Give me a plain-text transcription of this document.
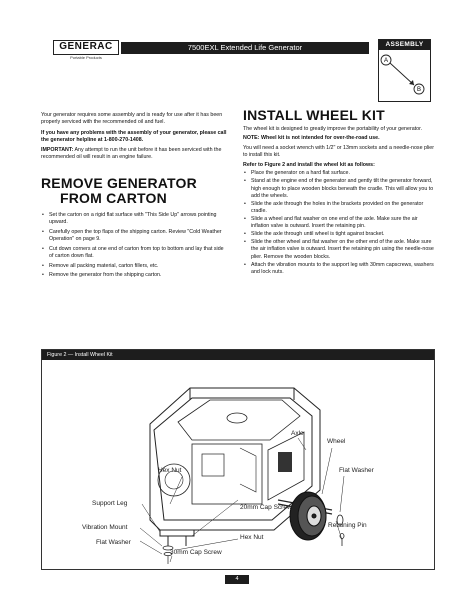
GENERAC
Portable Products
7500EXL Extended Life Generator	ASSEMBLY
A
B

Your generator requires some assembly and is ready for use after it has been properly serviced with the recommended oil and fuel.

If you have any problems with the assembly of your generator, please call the generator helpline at 1-800-270-1408.

IMPORTANT: Any attempt to run the unit before it has been serviced with the recommended oil will result in an engine failure.

REMOVE GENERATOR
FROM CARTON
• Set the carton on a rigid flat surface with "This Side Up" arrows pointing upward.
• Carefully open the top flaps of the shipping carton. Review "Cold Weather Operation" on page 9.
• Cut down corners at one end of carton from top to bottom and lay that side of carton down flat.
• Remove all packing material, carton fillers, etc.
• Remove the generator from the shipping carton.
INSTALL WHEEL KIT

The wheel kit is designed to greatly improve the portability of your generator.

NOTE: Wheel kit is not intended for over-the-road use.

You will need a socket wrench with 1/2" or 13mm sockets and a needle-nose plier to install this kit.

Refer to Figure 2 and install the wheel kit as follows:

• Place the generator on a hard flat surface.
• Stand at the engine end of the generator and gently tilt the generator forward, high enough to place wooden blocks beneath the cradle. This will allow you to add the wheels.
• Slide the axle through the holes in the brackets provided on the generator cradle.
• Slide a wheel and flat washer on one end of the axle. Make sure the air inflation valve is outward. Insert the retaining pin.
• Slide the axle through until wheel is tight against bracket.
• Slide the other wheel and flat washer on the other end of the axle. Make sure the air inflation valve is outward. Insert the retaining pin using the needle-nose plier. Remove the wooden blocks.
• Attach the vibration mounts to the support leg with 30mm capscrews, washers and lock nuts.
Figure 2 — Install Wheel Kit
Axle
Wheel
Flat Washer
Hex Nut
Support Leg
20mm Cap Screw
Retaining Pin
Vibration Mount
Hex Nut
Flat Washer
30mm Cap Screw
4
